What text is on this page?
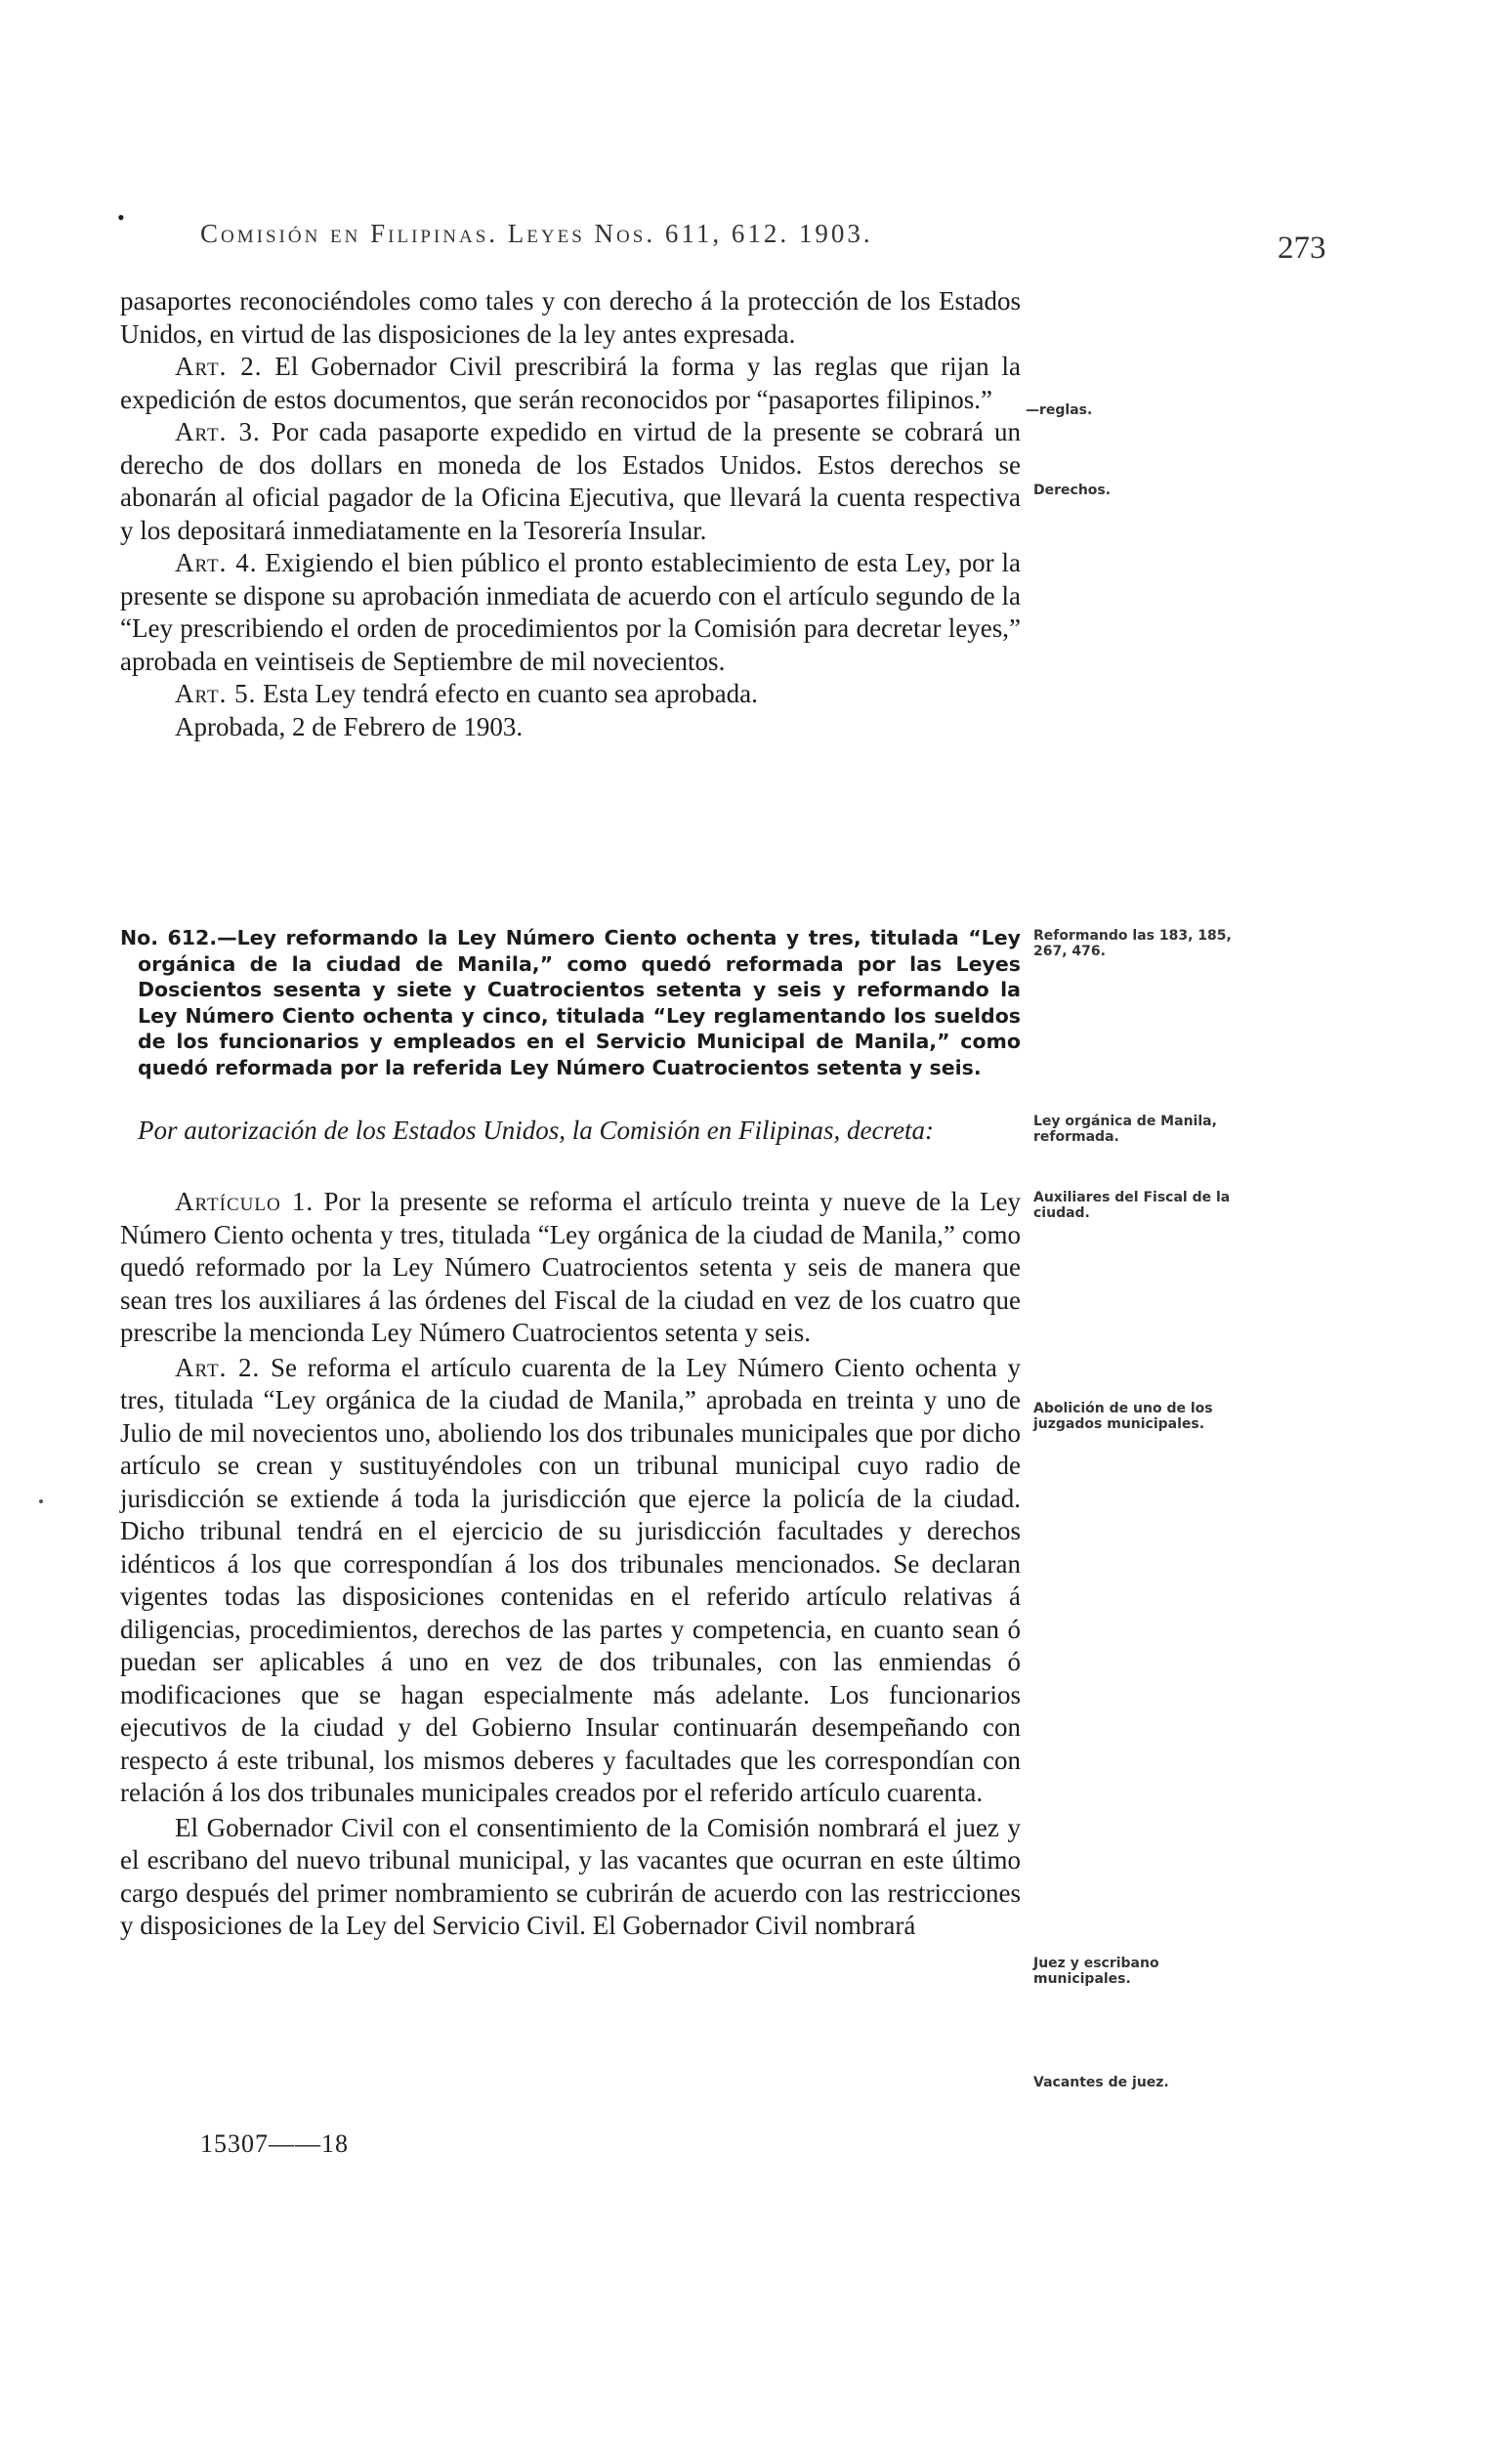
•
Comisión en Filipinas. Leyes Nos. 611, 612. 1903.	273

pasaportes reconociéndoles como tales y con derecho á la protección de los Estados Unidos, en virtud de las disposiciones de la ley antes expresada.

Art. 2. El Gobernador Civil prescribirá la forma y las reglas que rijan la expedición de estos documentos, que serán reconocidos por “pasaportes filipinos.”

Art. 3. Por cada pasaporte expedido en virtud de la presente se cobrará un derecho de dos dollars en moneda de los Estados Unidos. Estos derechos se abonarán al oficial pagador de la Oficina Ejecutiva, que llevará la cuenta respectiva y los depositará inmediatamente en la Tesorería Insular.

Art. 4. Exigiendo el bien público el pronto establecimiento de esta Ley, por la presente se dispone su aprobación inmediata de acuerdo con el artículo segundo de la “Ley prescribiendo el orden de procedimientos por la Comisión para decretar leyes,” aprobada en veintiseis de Septiembre de mil novecientos.

Art. 5. Esta Ley tendrá efecto en cuanto sea aprobada.

Aprobada, 2 de Febrero de 1903.

No. 612.—Ley reformando la Ley Número Ciento ochenta y tres, titulada “Ley orgánica de la ciudad de Manila,” como quedó reformada por las Leyes Doscientos sesenta y siete y Cuatrocientos setenta y seis y reformando la Ley Número Ciento ochenta y cinco, titulada “Ley reglamentando los sueldos de los funcionarios y empleados en el Servicio Municipal de Manila,” como quedó reformada por la referida Ley Número Cuatrocientos setenta y seis.

Por autorización de los Estados Unidos, la Comisión en Filipinas, decreta:

Artículo 1. Por la presente se reforma el artículo treinta y nueve de la Ley Número Ciento ochenta y tres, titulada “Ley orgánica de la ciudad de Manila,” como quedó reformado por la Ley Número Cuatrocientos setenta y seis de manera que sean tres los auxiliares á las órdenes del Fiscal de la ciudad en vez de los cuatro que prescribe la mencionda Ley Número Cuatrocientos setenta y seis.

Art. 2. Se reforma el artículo cuarenta de la Ley Número Ciento ochenta y tres, titulada “Ley orgánica de la ciudad de Manila,” aprobada en treinta y uno de Julio de mil novecientos uno, aboliendo los dos tribunales municipales que por dicho artículo se crean y sustituyéndoles con un tribunal municipal cuyo radio de jurisdicción se extiende á toda la jurisdicción que ejerce la policía de la ciudad. Dicho tribunal tendrá en el ejercicio de su jurisdicción facultades y derechos idénticos á los que correspondían á los dos tribunales mencionados. Se declaran vigentes todas las disposiciones contenidas en el referido artículo relativas á diligencias, procedimientos, derechos de las partes y competencia, en cuanto sean ó puedan ser aplicables á uno en vez de dos tribunales, con las enmiendas ó modificaciones que se hagan especialmente más adelante. Los funcionarios ejecutivos de la ciudad y del Gobierno Insular continuarán desempeñando con respecto á este tribunal, los mismos deberes y facultades que les correspondían con relación á los dos tribunales municipales creados por el referido artículo cuarenta.

El Gobernador Civil con el consentimiento de la Comisión nombrará el juez y el escribano del nuevo tribunal municipal, y las vacantes que ocurran en este último cargo después del primer nombramiento se cubrirán de acuerdo con las restricciones y disposiciones de la Ley del Servicio Civil. El Gobernador Civil nombrará

—reglas.
Derechos.
Reformando las 183, 185, 267, 476.
Ley orgánica de Manila, reformada.
Auxiliares del Fiscal de la ciudad.
Abolición de uno de los juzgados municipales.
Juez y escribano municipales.
Vacantes de juez.
15307——18
